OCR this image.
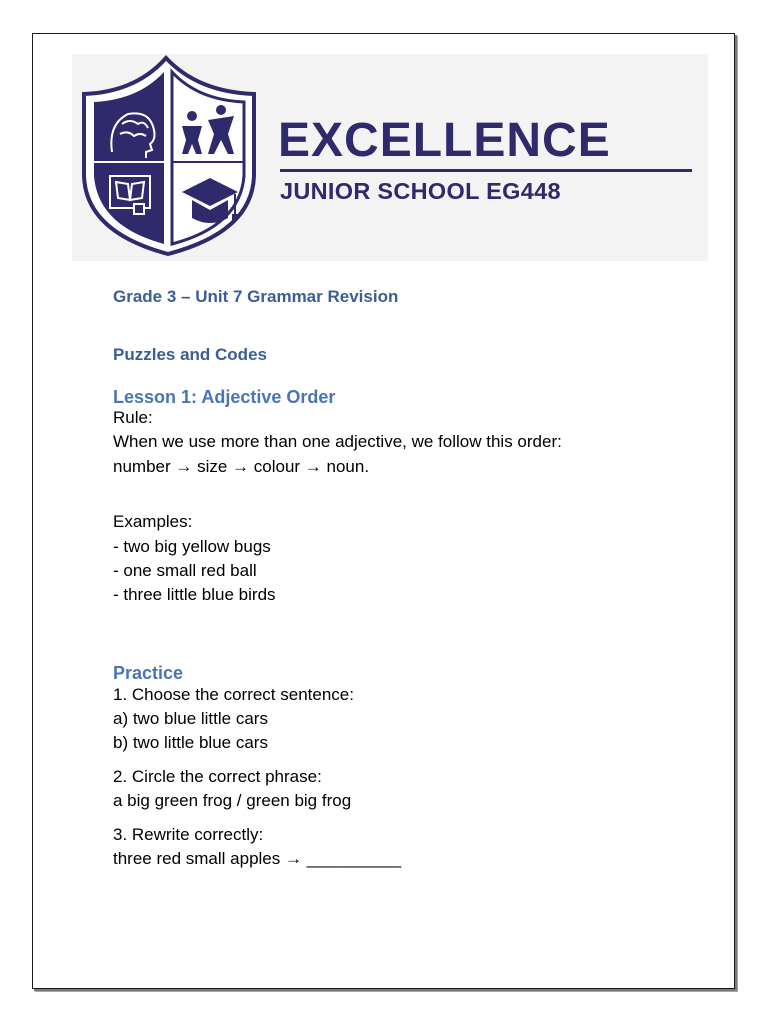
EXCELLENCE
JUNIOR SCHOOL EG448
Grade 3 – Unit 7 Grammar Revision
Puzzles and Codes
Lesson 1: Adjective Order
Rule:
When we use more than one adjective, we follow this order:
number → size → colour → noun.
Examples:
- two big yellow bugs
- one small red ball
- three little blue birds
Practice
1. Choose the correct sentence:
a) two blue little cars
b) two little blue cars
2. Circle the correct phrase:
a big green frog / green big frog
3. Rewrite correctly:
three red small apples → __________
